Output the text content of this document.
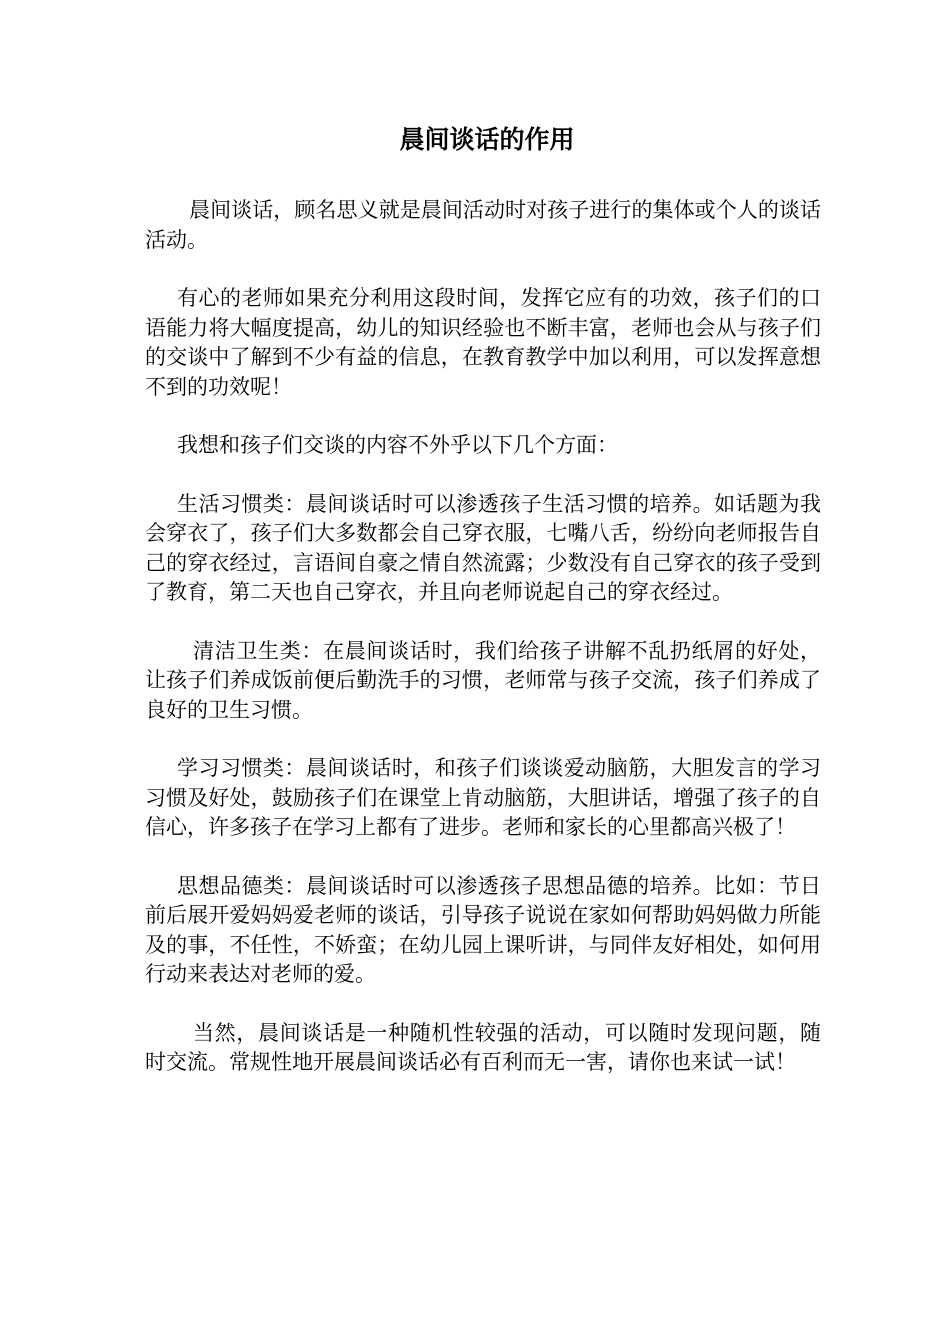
晨间谈话的作用

晨间谈话，顾名思义就是晨间活动时对孩子进行的集体或个人的谈话活动。

有心的老师如果充分利用这段时间，发挥它应有的功效，孩子们的口语能力将大幅度提高，幼儿的知识经验也不断丰富，老师也会从与孩子们的交谈中了解到不少有益的信息，在教育教学中加以利用，可以发挥意想不到的功效呢！

我想和孩子们交谈的内容不外乎以下几个方面：

生活习惯类：晨间谈话时可以渗透孩子生活习惯的培养。如话题为我会穿衣了，孩子们大多数都会自己穿衣服，七嘴八舌，纷纷向老师报告自己的穿衣经过，言语间自豪之情自然流露；少数没有自己穿衣的孩子受到了教育，第二天也自己穿衣，并且向老师说起自己的穿衣经过。

清洁卫生类：在晨间谈话时，我们给孩子讲解不乱扔纸屑的好处，让孩子们养成饭前便后勤洗手的习惯，老师常与孩子交流，孩子们养成了良好的卫生习惯。

学习习惯类：晨间谈话时，和孩子们谈谈爱动脑筋，大胆发言的学习习惯及好处，鼓励孩子们在课堂上肯动脑筋，大胆讲话，增强了孩子的自信心，许多孩子在学习上都有了进步。老师和家长的心里都高兴极了！

思想品德类：晨间谈话时可以渗透孩子思想品德的培养。比如：节日前后展开爱妈妈爱老师的谈话，引导孩子说说在家如何帮助妈妈做力所能及的事，不任性，不娇蛮；在幼儿园上课听讲，与同伴友好相处，如何用行动来表达对老师的爱。

当然，晨间谈话是一种随机性较强的活动，可以随时发现问题，随时交流。常规性地开展晨间谈话必有百利而无一害，请你也来试一试！
